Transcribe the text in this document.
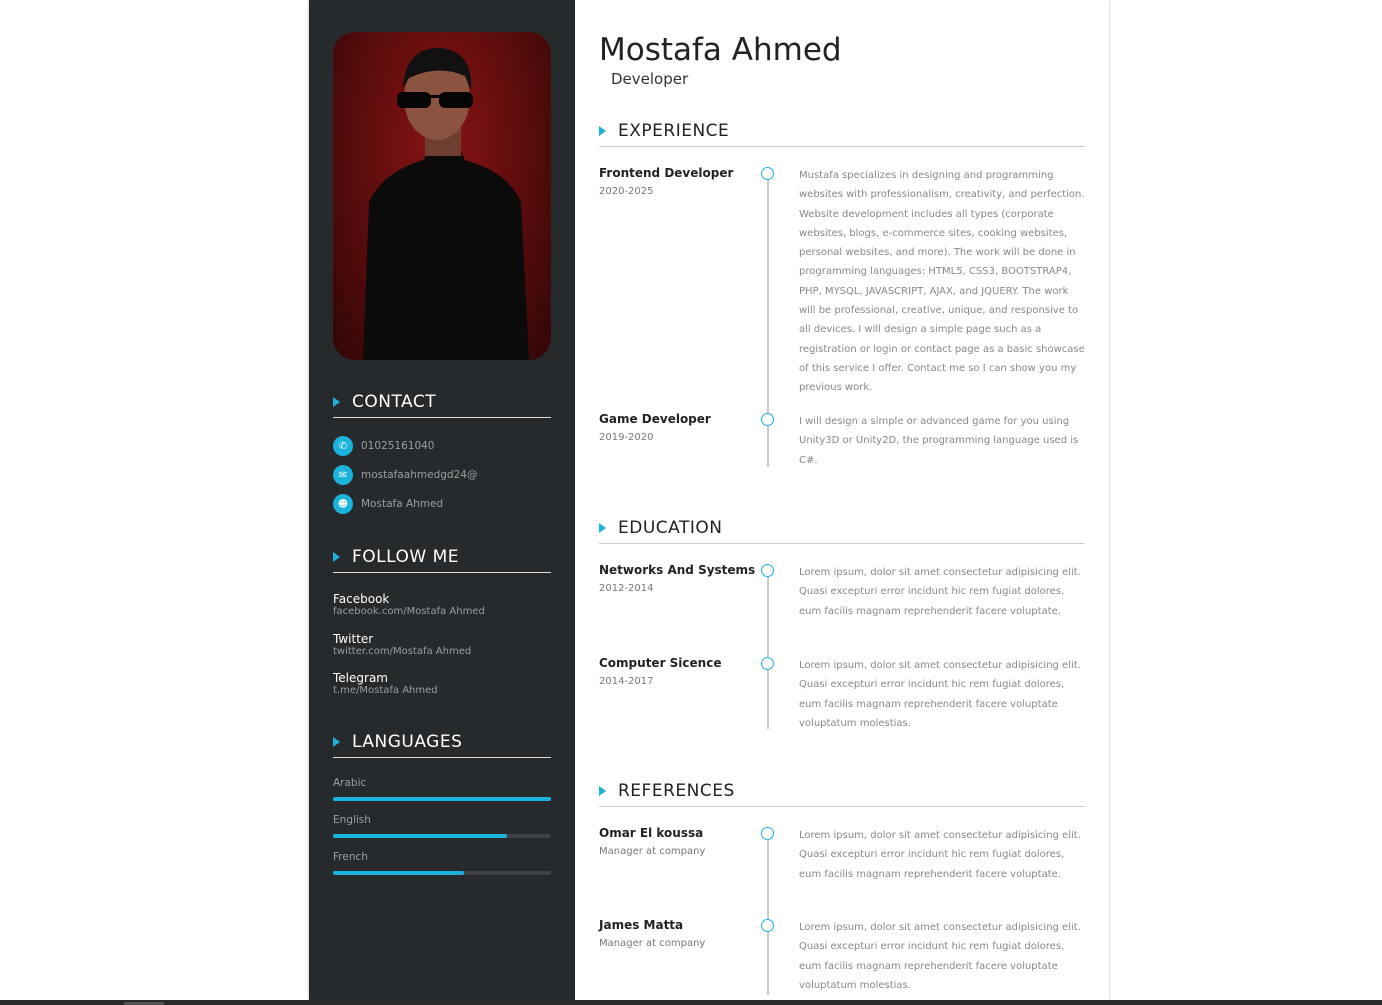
CONTACT
✆	01025161040
✉	mostafaahmedgd24@
☻	Mostafa Ahmed
FOLLOW ME
Facebook
facebook.com/Mostafa Ahmed
Twitter
twitter.com/Mostafa Ahmed
Telegram
t.me/Mostafa Ahmed
LANGUAGES
Arabic
English
French
Mostafa Ahmed
Developer
EXPERIENCE
Frontend Developer
2020-2025
Mustafa specializes in designing and programming websites with professionalism, creativity, and perfection. Website development includes all types (corporate websites, blogs, e-commerce sites, cooking websites, personal websites, and more). The work will be done in programming languages: HTML5, CSS3, BOOTSTRAP4, PHP, MYSQL, JAVASCRIPT, AJAX, and JQUERY. The work will be professional, creative, unique, and responsive to all devices. I will design a simple page such as a registration or login or contact page as a basic showcase of this service I offer. Contact me so I can show you my previous work.
Game Developer
2019-2020
I will design a simple or advanced game for you using Unity3D or Unity2D, the programming language used is C#.
EDUCATION
Networks And Systems
2012-2014
Lorem ipsum, dolor sit amet consectetur adipisicing elit. Quasi excepturi error incidunt hic rem fugiat dolores, eum facilis magnam reprehenderit facere voluptate.
Computer Sicence
2014-2017
Lorem ipsum, dolor sit amet consectetur adipisicing elit. Quasi excepturi error incidunt hic rem fugiat dolores, eum facilis magnam reprehenderit facere voluptate voluptatum molestias.
REFERENCES
Omar El koussa
Manager at company
Lorem ipsum, dolor sit amet consectetur adipisicing elit. Quasi excepturi error incidunt hic rem fugiat dolores, eum facilis magnam reprehenderit facere voluptate.
James Matta
Manager at company
Lorem ipsum, dolor sit amet consectetur adipisicing elit. Quasi excepturi error incidunt hic rem fugiat dolores, eum facilis magnam reprehenderit facere voluptate voluptatum molestias.
